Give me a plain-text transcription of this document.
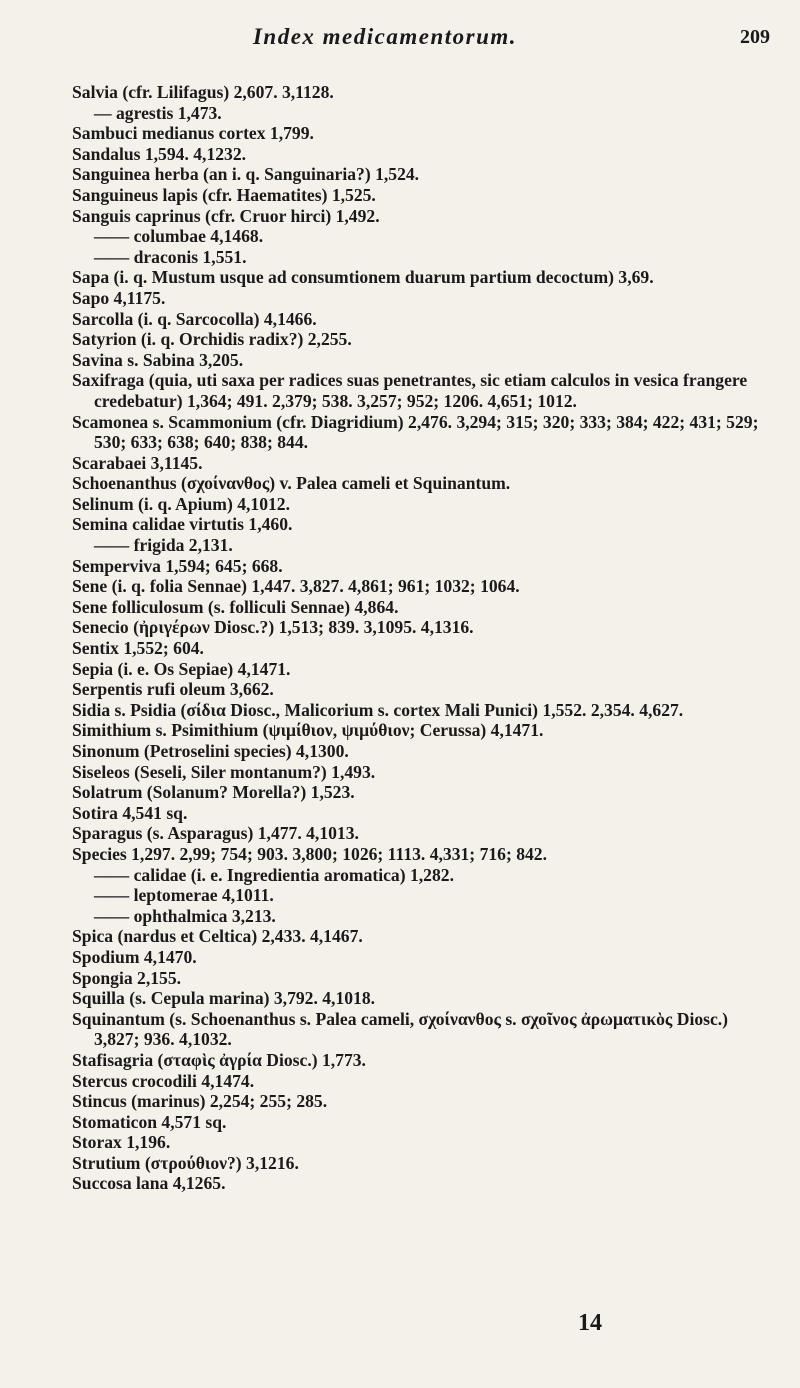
Index medicamentorum.	209

Salvia (cfr. Lilifagus) 2,607. 3,1128.

— agrestis 1,473.

Sambuci medianus cortex 1,799.

Sandalus 1,594. 4,1232.

Sanguinea herba (an i. q. Sanguinaria?) 1,524.

Sanguineus lapis (cfr. Haematites) 1,525.

Sanguis caprinus (cfr. Cruor hirci) 1,492.

—— columbae 4,1468.

—— draconis 1,551.

Sapa (i. q. Mustum usque ad consumtionem duarum partium decoctum) 3,69.

Sapo 4,1175.

Sarcolla (i. q. Sarcocolla) 4,1466.

Satyrion (i. q. Orchidis radix?) 2,255.

Savina s. Sabina 3,205.

Saxifraga (quia, uti saxa per radices suas penetrantes, sic etiam calculos in vesica frangere credebatur) 1,364; 491. 2,379; 538. 3,257; 952; 1206. 4,651; 1012.

Scamonea s. Scammonium (cfr. Diagridium) 2,476. 3,294; 315; 320; 333; 384; 422; 431; 529; 530; 633; 638; 640; 838; 844.

Scarabaei 3,1145.

Schoenanthus (σχοίνανθος) v. Palea cameli et Squinantum.

Selinum (i. q. Apium) 4,1012.

Semina calidae virtutis 1,460.

—— frigida 2,131.

Semperviva 1,594; 645; 668.

Sene (i. q. folia Sennae) 1,447. 3,827. 4,861; 961; 1032; 1064.

Sene folliculosum (s. folliculi Sennae) 4,864.

Senecio (ἠριγέρων Diosc.?) 1,513; 839. 3,1095. 4,1316.

Sentix 1,552; 604.

Sepia (i. e. Os Sepiae) 4,1471.

Serpentis rufi oleum 3,662.

Sidia s. Psidia (σίδια Diosc., Malicorium s. cortex Mali Punici) 1,552. 2,354. 4,627.

Simithium s. Psimithium (ψιμίθιον, ψιμύθιον; Cerussa) 4,1471.

Sinonum (Petroselini species) 4,1300.

Siseleos (Seseli, Siler montanum?) 1,493.

Solatrum (Solanum? Morella?) 1,523.

Sotira 4,541 sq.

Sparagus (s. Asparagus) 1,477. 4,1013.

Species 1,297. 2,99; 754; 903. 3,800; 1026; 1113. 4,331; 716; 842.

—— calidae (i. e. Ingredientia aromatica) 1,282.

—— leptomerae 4,1011.

—— ophthalmica 3,213.

Spica (nardus et Celtica) 2,433. 4,1467.

Spodium 4,1470.

Spongia 2,155.

Squilla (s. Cepula marina) 3,792. 4,1018.

Squinantum (s. Schoenanthus s. Palea cameli, σχοίνανθος s. σχοῖνος ἀρωματικὸς Diosc.) 3,827; 936. 4,1032.

Stafisagria (σταφὶς ἀγρία Diosc.) 1,773.

Stercus crocodili 4,1474.

Stincus (marinus) 2,254; 255; 285.

Stomaticon 4,571 sq.

Storax 1,196.

Strutium (στρούθιον?) 3,1216.

Succosa lana 4,1265.

14
